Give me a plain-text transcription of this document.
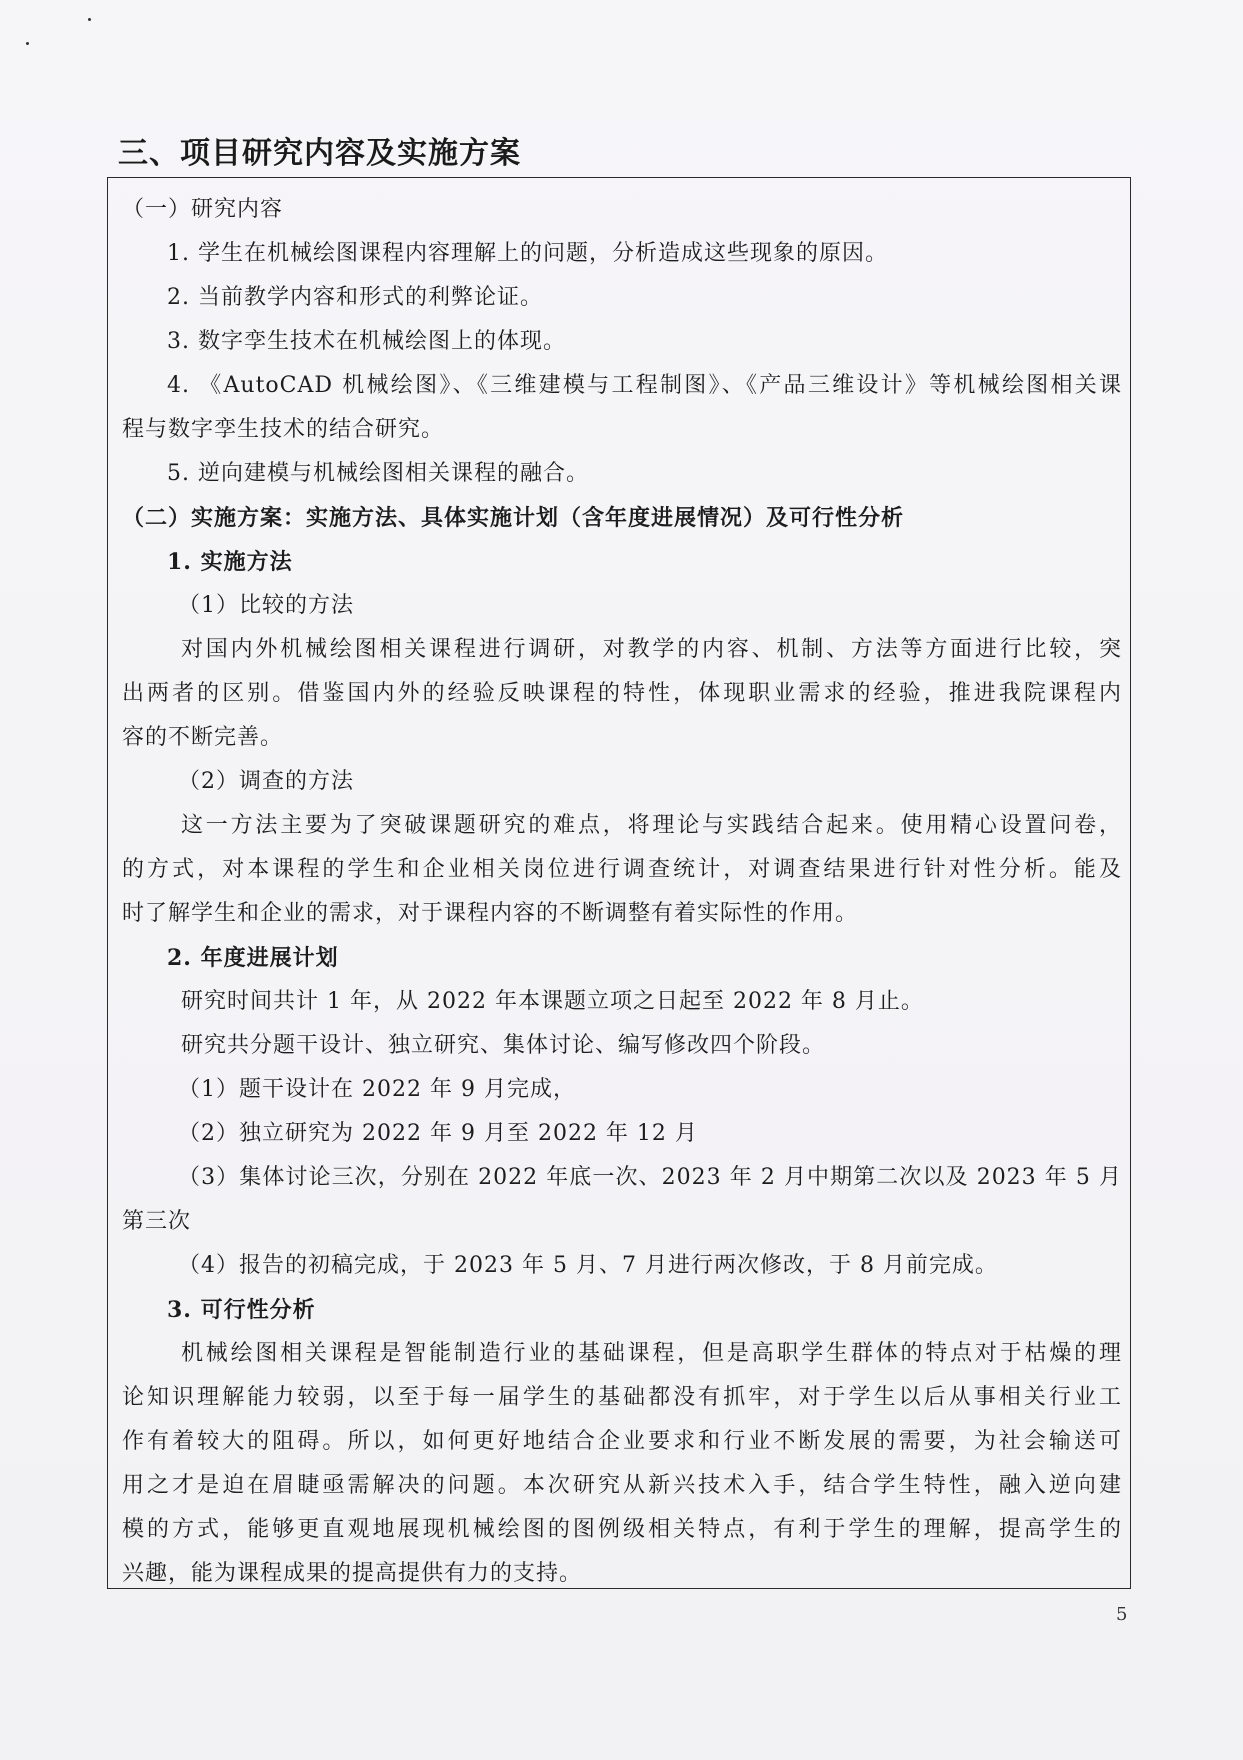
三、项目研究内容及实施方案
（一）研究内容
1. 学生在机械绘图课程内容理解上的问题，分析造成这些现象的原因。
2. 当前教学内容和形式的利弊论证。
3. 数字孪生技术在机械绘图上的体现。
4. 《AutoCAD 机械绘图》、《三维建模与工程制图》、《产品三维设计》等机械绘图相关课
程与数字孪生技术的结合研究。
5. 逆向建模与机械绘图相关课程的融合。
（二）实施方案：实施方法、具体实施计划（含年度进展情况）及可行性分析
1. 实施方法
（1）比较的方法
对国内外机械绘图相关课程进行调研，对教学的内容、机制、方法等方面进行比较，突
出两者的区别。借鉴国内外的经验反映课程的特性，体现职业需求的经验，推进我院课程内
容的不断完善。
（2）调查的方法
这一方法主要为了突破课题研究的难点，将理论与实践结合起来。使用精心设置问卷，
的方式，对本课程的学生和企业相关岗位进行调查统计，对调查结果进行针对性分析。能及
时了解学生和企业的需求，对于课程内容的不断调整有着实际性的作用。
2. 年度进展计划
研究时间共计 1 年，从 2022 年本课题立项之日起至 2022 年 8 月止。
研究共分题干设计、独立研究、集体讨论、编写修改四个阶段。
（1）题干设计在 2022 年 9 月完成，
（2）独立研究为 2022 年 9 月至 2022 年 12 月
（3）集体讨论三次，分别在 2022 年底一次、2023 年 2 月中期第二次以及 2023 年 5 月
第三次
（4）报告的初稿完成，于 2023 年 5 月、7 月进行两次修改，于 8 月前完成。
3. 可行性分析
机械绘图相关课程是智能制造行业的基础课程，但是高职学生群体的特点对于枯燥的理
论知识理解能力较弱，以至于每一届学生的基础都没有抓牢，对于学生以后从事相关行业工
作有着较大的阻碍。所以，如何更好地结合企业要求和行业不断发展的需要，为社会输送可
用之才是迫在眉睫亟需解决的问题。本次研究从新兴技术入手，结合学生特性，融入逆向建
模的方式，能够更直观地展现机械绘图的图例级相关特点，有利于学生的理解，提高学生的
兴趣，能为课程成果的提高提供有力的支持。
5
